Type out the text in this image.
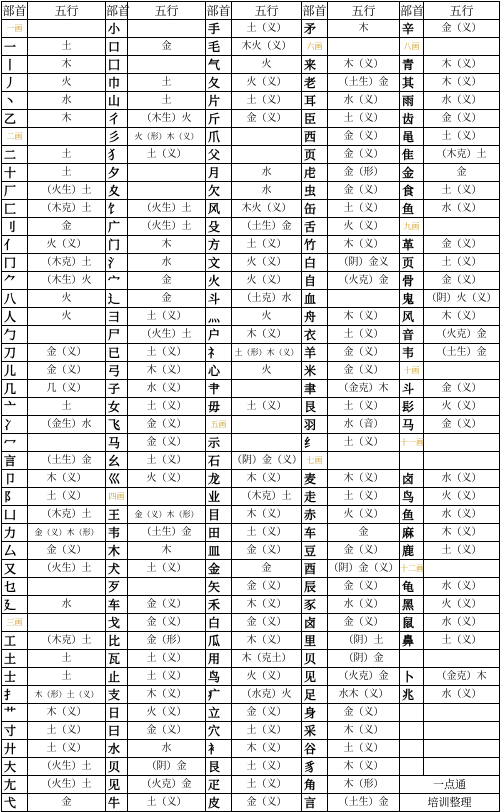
部首	五行	部首	五行	部首	五行	部首	五行	部首	五行
一画		小		手	土（义）	矛	木	辛	金（义）
一	土	口	金	毛	木火（义）	六画		八画	
丨	木	囗		气	火	来	木（义）	青	木（义）
丿	火	巾	土	夂	火（义）	老	（土生）金	其	木（义）
丶	水	山	土	片	土（义）	耳	水（义）	雨	水（义）
乙	木	彳	（木生）火	斤	金（义）	臣	土（义）	齿	金（义）
二画		彡	火（形）木（义）	爪		西	金（义）	黾	土（义）
二	土	犭	土（义）	父		页	金（义）	隹	（木克）土
十	土	夕		月	水	虍	金（形）	金	金
厂	（火生）土	夊		欠	水	虫	金（义）	食	土（义）
匚	（木克）土	饣	（火生）土	风	木火（义）	缶	土（义）	鱼	水（义）
刂	金	广	（火生）土	殳	（土生）金	舌	火（义）	九画	
⺅	火（义）	门	木	方	土（义）	竹	木（义）	革	金（义）
冂	（木克）土	氵	水	文	火（义）	白	（阴）金义	页	土（义）
⺈	（木生）火	宀	金	火	火（义）	自	（火克）金	骨	金（义）
八	火	辶	金	斗	（土克）水	血		鬼	（阴）火（义）
人	火	彐	土（义）	灬	火	舟	木（义）	风	木（义）
勹		尸	（火生）土	户	木（义）	衣	土（义）	音	（火克）金
刀	金（义）	已	土（义）	礻	土（形）木（义）	羊	金（义）	韦	（土生）金
儿	金（义）	弓	木（义）	心	火	米	金（义）	十画	
几	几（义）	子	水（义）	肀		聿	（金克）木	斗	金（义）
亠	土	女	土（义）	毋	土（义）	艮	土（义）	髟	火（义）
冫	（金生）水	飞	金（义）	五画		羽	水（音）	马	金（义）
冖		马	金（义）	示		纟	土（义）	十一画	
言	（土生）金	幺	土（义）	石	（阴）金（义）	七画			
卩	木（义）	巛	火（义）	龙	木（义）	麦	木（义）	卤	水（义）
阝	土（义）	四画		业	（木克）土	走	土（义）	鸟	火（义）
凵	（木克）土	王	金（义）木（形）	目	木（义）	赤	火（义）	鱼	水（义）
力	金（义）木（形）	韦	（土生）金	田	土（义）	车	金	麻	木（义）
厶	金（义）	木	木	皿	金（义）	豆	金（义）	鹿	土（义）
又	（火生）土	犬	土（义）	金	金	酉	（阴）金（义）	十二画	
乜		歹		矢	金（义）	辰	金（义）	龟	水（义）
廴	水	车	金（义）	禾	木（义）	豕	水（义）	黑	火（义）
三画		戈	金（义）	白	金（义）	卤	金（义）	鼠	水（义）
工	（木克）土	比	金（形）	瓜	木（义）	里	（阴）土	鼻	土（义）
土	土	瓦	土（义）	用	木（克土）	贝	（阴）金		
士	土	止	土（义）	鸟	火（义）	见	（火克）金	卜	（金克）木
扌	木（形）土（义）	支	木（义）	疒	（水克）火	足	水木（义）	兆	水（义）
艹	木（义）	日	火（义）	立	金（义）	身	金（义）		
寸	土（义）	曰	金（义）	穴	土（义）	采	木（义）		
廾	土（义）	水	水	衤	木（义）	谷	土（义）		
大	（火生）土	贝	（阴）金	艮	土（义）	豸	木（义）		
尢	（火生）土	见	（火克）金	疋	土（义）	角	木（形）	一点通	
弋	金	牛	土（义）	皮	金（义）	言	（土生）金	培训整理	
